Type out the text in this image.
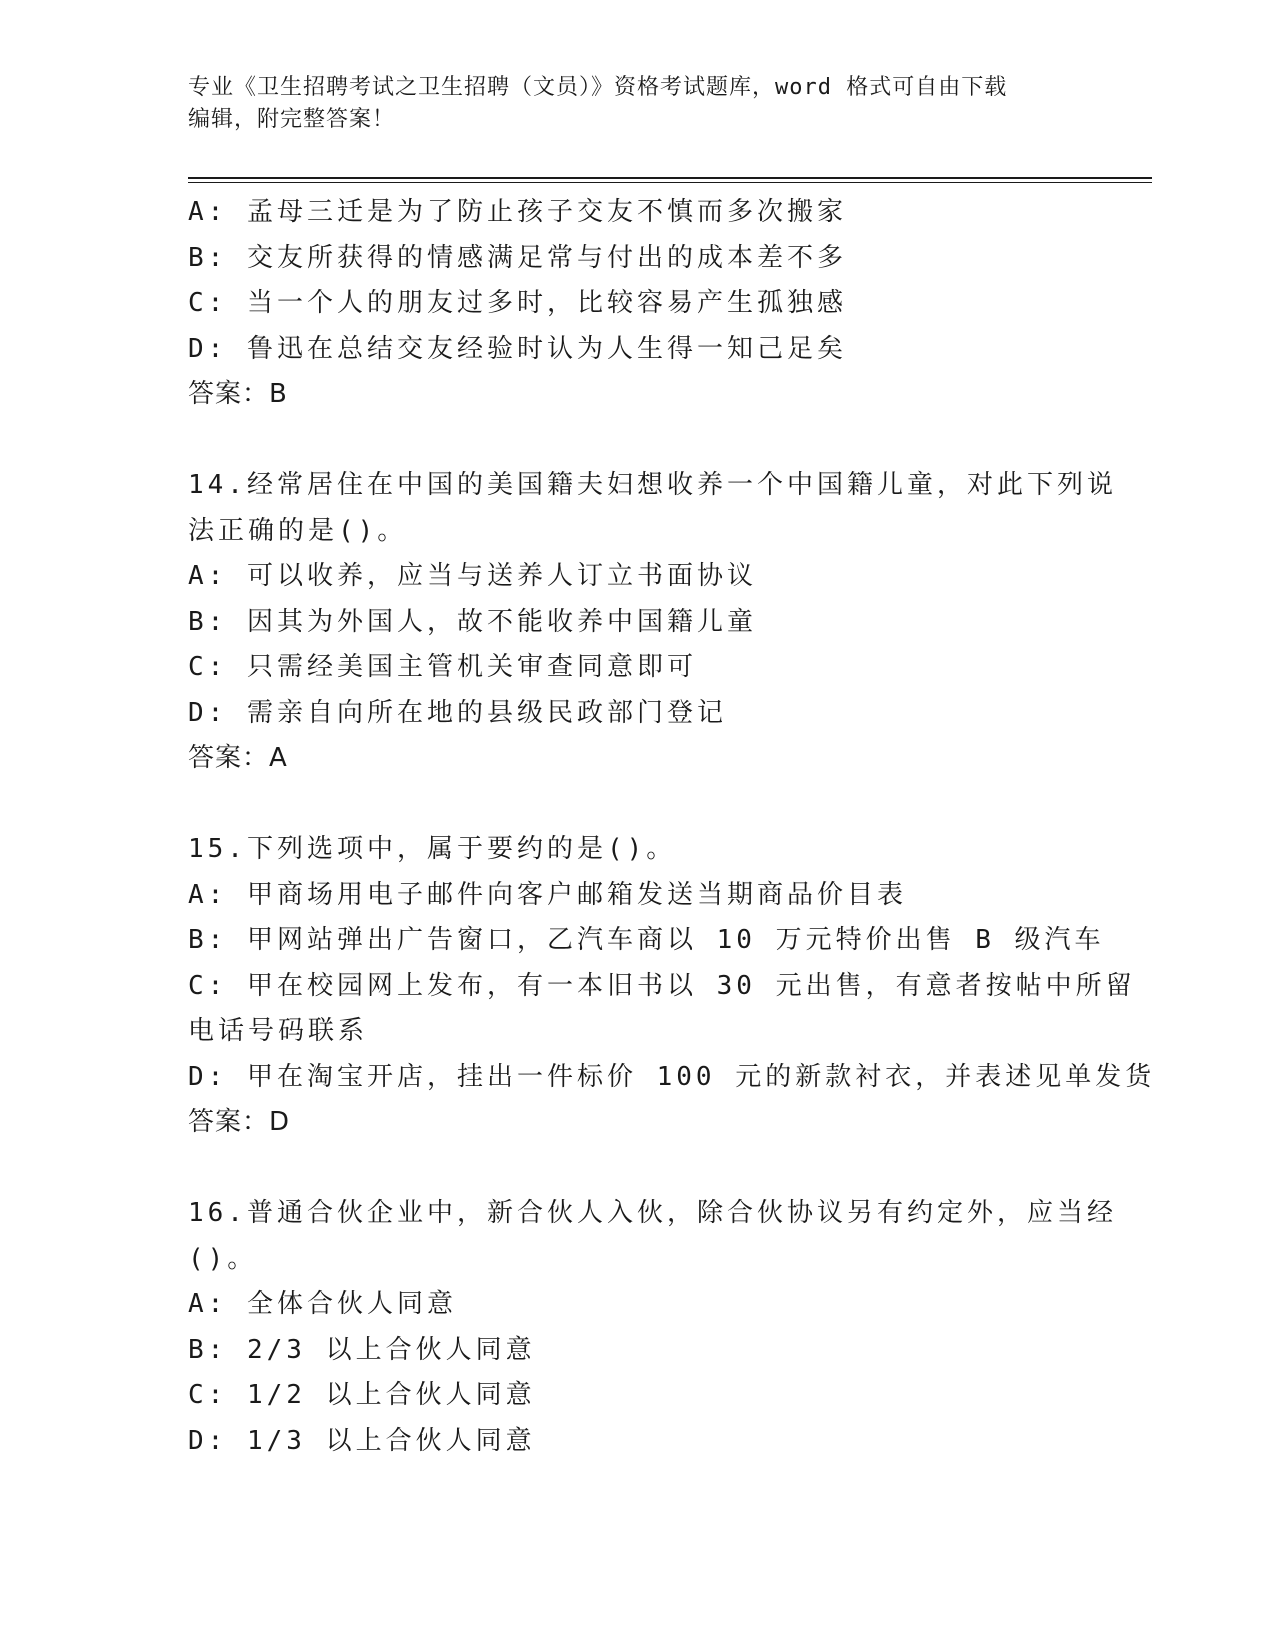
专业《卫生招聘考试之卫生招聘（文员）》资格考试题库，word 格式可自由下载
编辑，附完整答案！
A: 孟母三迁是为了防止孩子交友不慎而多次搬家
B: 交友所获得的情感满足常与付出的成本差不多
C: 当一个人的朋友过多时，比较容易产生孤独感
D: 鲁迅在总结交友经验时认为人生得一知己足矣
答案：B
14.经常居住在中国的美国籍夫妇想收养一个中国籍儿童，对此下列说
法正确的是()。
A: 可以收养，应当与送养人订立书面协议
B: 因其为外国人，故不能收养中国籍儿童
C: 只需经美国主管机关审查同意即可
D: 需亲自向所在地的县级民政部门登记
答案：A
15.下列选项中，属于要约的是()。
A: 甲商场用电子邮件向客户邮箱发送当期商品价目表
B: 甲网站弹出广告窗口，乙汽车商以 10 万元特价出售 B 级汽车
C: 甲在校园网上发布，有一本旧书以 30 元出售，有意者按帖中所留
电话号码联系
D: 甲在淘宝开店，挂出一件标价 100 元的新款衬衣，并表述见单发货
答案：D
16.普通合伙企业中，新合伙人入伙，除合伙协议另有约定外，应当经
()。
A: 全体合伙人同意
B: 2/3 以上合伙人同意
C: 1/2 以上合伙人同意
D: 1/3 以上合伙人同意
